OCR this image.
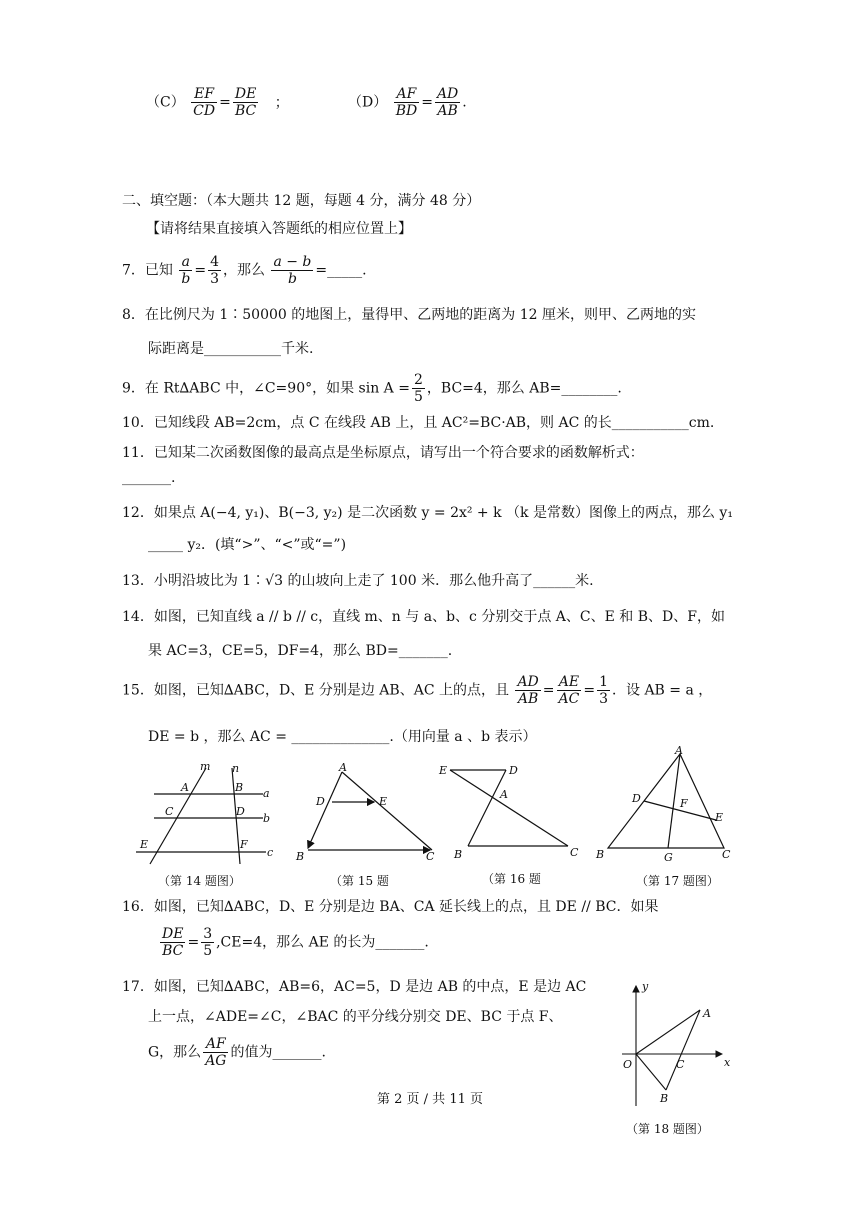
$(C) \frac{EF}{CD} = \frac{DE}{BC}$ ；	$(D) \frac{AF}{BD} = \frac{AD}{AB}$ .
二、填空题：（本大题共 12 题，每题 4 分，满分 48 分）
【请将结果直接填入答题纸的相应位置上】
7．已知 $\frac{a}{b} = \frac{4}{3}$ ，那么 $\frac{a - b}{b}$ =_____.
8．在比例尺为 1∶50000 的地图上，量得甲、乙两地的距离为 12 厘米，则甲、乙两地的实
际距离是___________千米.
9．在 Rt∆ABC 中，∠C=90°，如果 $\sin A = \frac{2}{5}$ ，BC=4，那么 AB=________.
10．已知线段 AB=2cm，点 C 在线段 AB 上，且 AC²=BC·AB，则 AC 的长___________cm.
11．已知某二次函数图像的最高点是坐标原点，请写出一个符合要求的函数解析式：
_______.
12．如果点 A(−4, y₁)、B(−3, y₂) 是二次函数 y = 2x² + k （k 是常数）图像上的两点，那么 y₁
_____ y₂．(填“>”、“<”或“=”)
13．小明沿坡比为 1∶√3 的山坡向上走了 100 米．那么他升高了______米.
14．如图，已知直线 a // b // c，直线 m、n 与 a、b、c 分别交于点 A、C、E 和 B、D、F，如
果 AC=3，CE=5，DF=4，那么 BD=_______.
15．如图，已知∆ABC，D、E 分别是边 AB、AC 上的点，且 $\frac{AD}{AB} = \frac{AE}{AC} = \frac{1}{3}$ ．设 AB = a ，
DE = b ，那么 AC = ______________.（用向量 a 、b 表示）
m n
a
b
c
A	B
C	D
E	F
A
B	C
D	E
E	D
A
B	C
A
B	C
D
E
F
G
（第 14 题图）	（第 15 题	（第 16 题	（第 17 题图）
16．如图，已知∆ABC，D、E 分别是边 BA、CA 延长线上的点，且 DE // BC．如果
$\frac{DE}{BC} = \frac{3}{5} ,CE=4$，那么 AE 的长为_______.
17．如图，已知∆ABC，AB=6，AC=5，D 是边 AB 的中点，E 是边 AC
上一点，∠ADE=∠C，∠BAC 的平分线分别交 DE、BC 于点 F、
G，那么 $\frac{AF}{AG}$ 的值为_______.
y
x
O
A
B
C
（第 18 题图）
第 2 页 / 共 11 页
